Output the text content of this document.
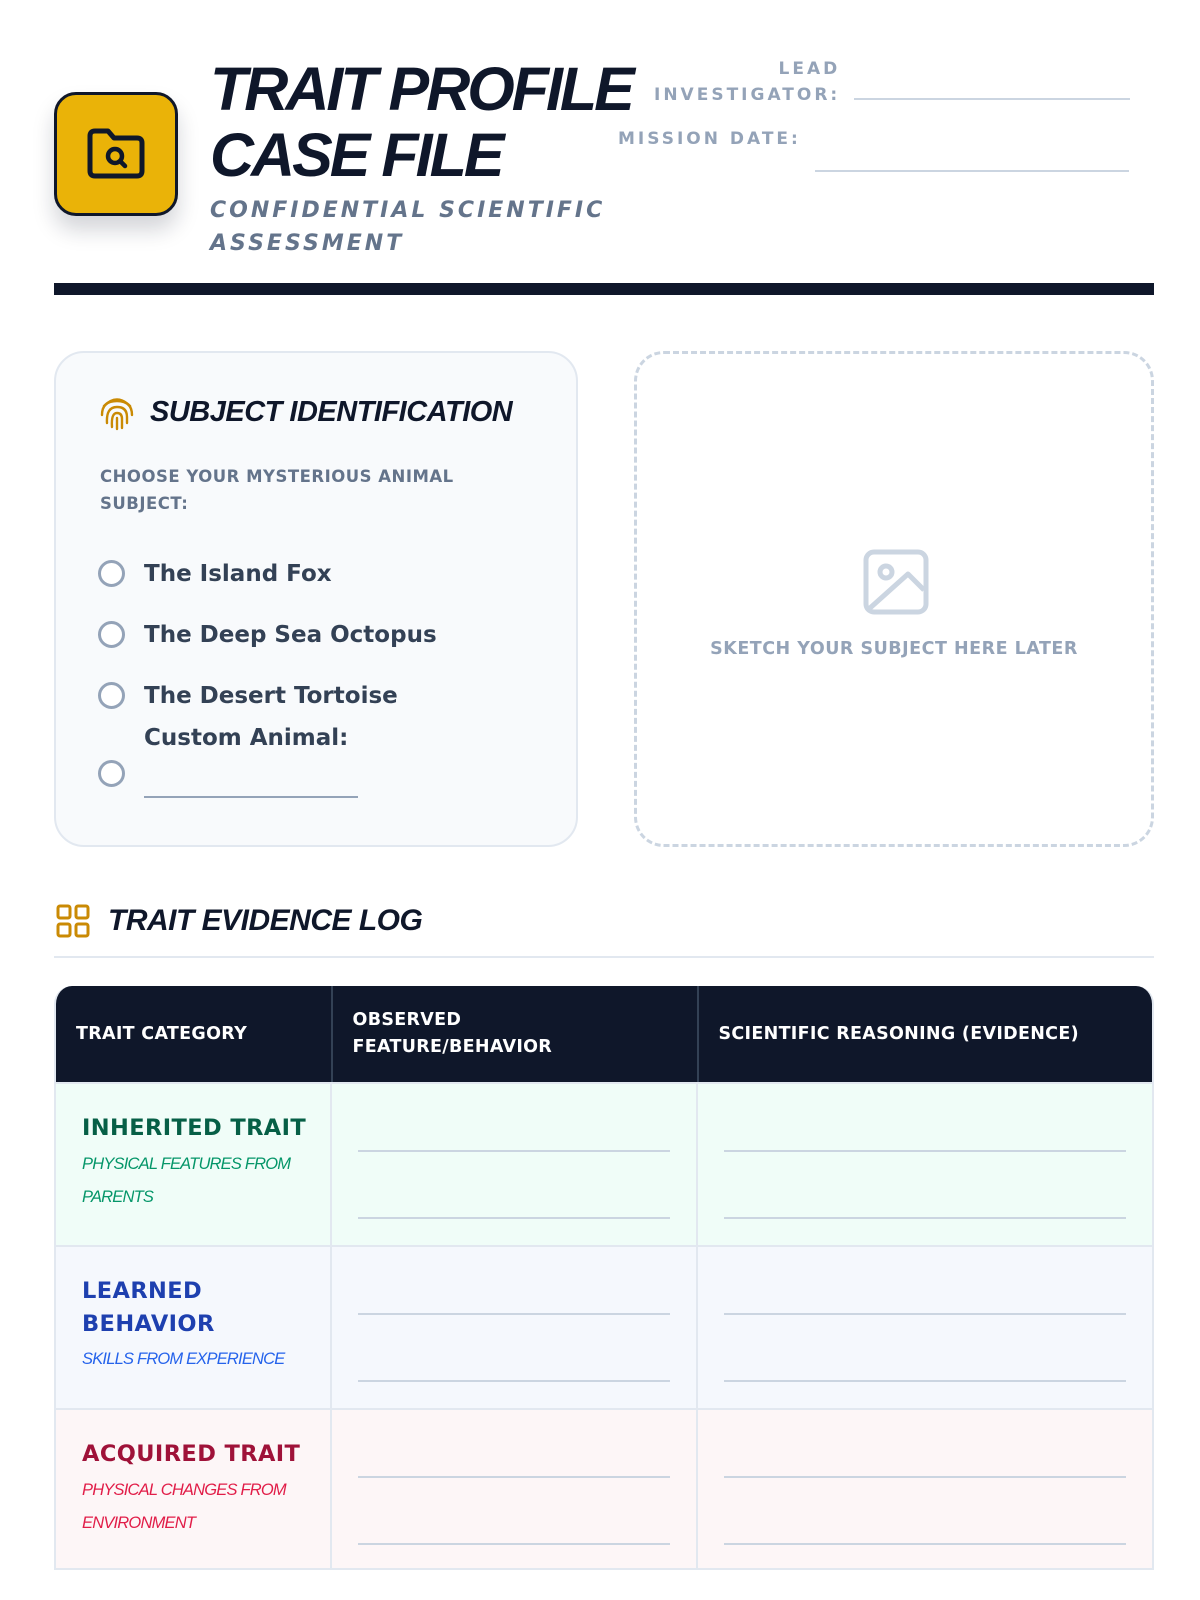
TRAIT PROFILE
CASE FILE
CONFIDENTIAL SCIENTIFIC ASSESSMENT
LEAD
INVESTIGATOR:
MISSION DATE:
SUBJECT IDENTIFICATION
CHOOSE YOUR MYSTERIOUS ANIMAL SUBJECT:
The Island Fox
The Deep Sea Octopus
The Desert Tortoise
Custom Animal:
SKETCH YOUR SUBJECT HERE LATER
TRAIT EVIDENCE LOG
TRAIT CATEGORY
OBSERVED FEATURE/BEHAVIOR
SCIENTIFIC REASONING (EVIDENCE)
INHERITED TRAIT
PHYSICAL FEATURES FROM PARENTS
LEARNED BEHAVIOR
SKILLS FROM EXPERIENCE
ACQUIRED TRAIT
PHYSICAL CHANGES FROM ENVIRONMENT
